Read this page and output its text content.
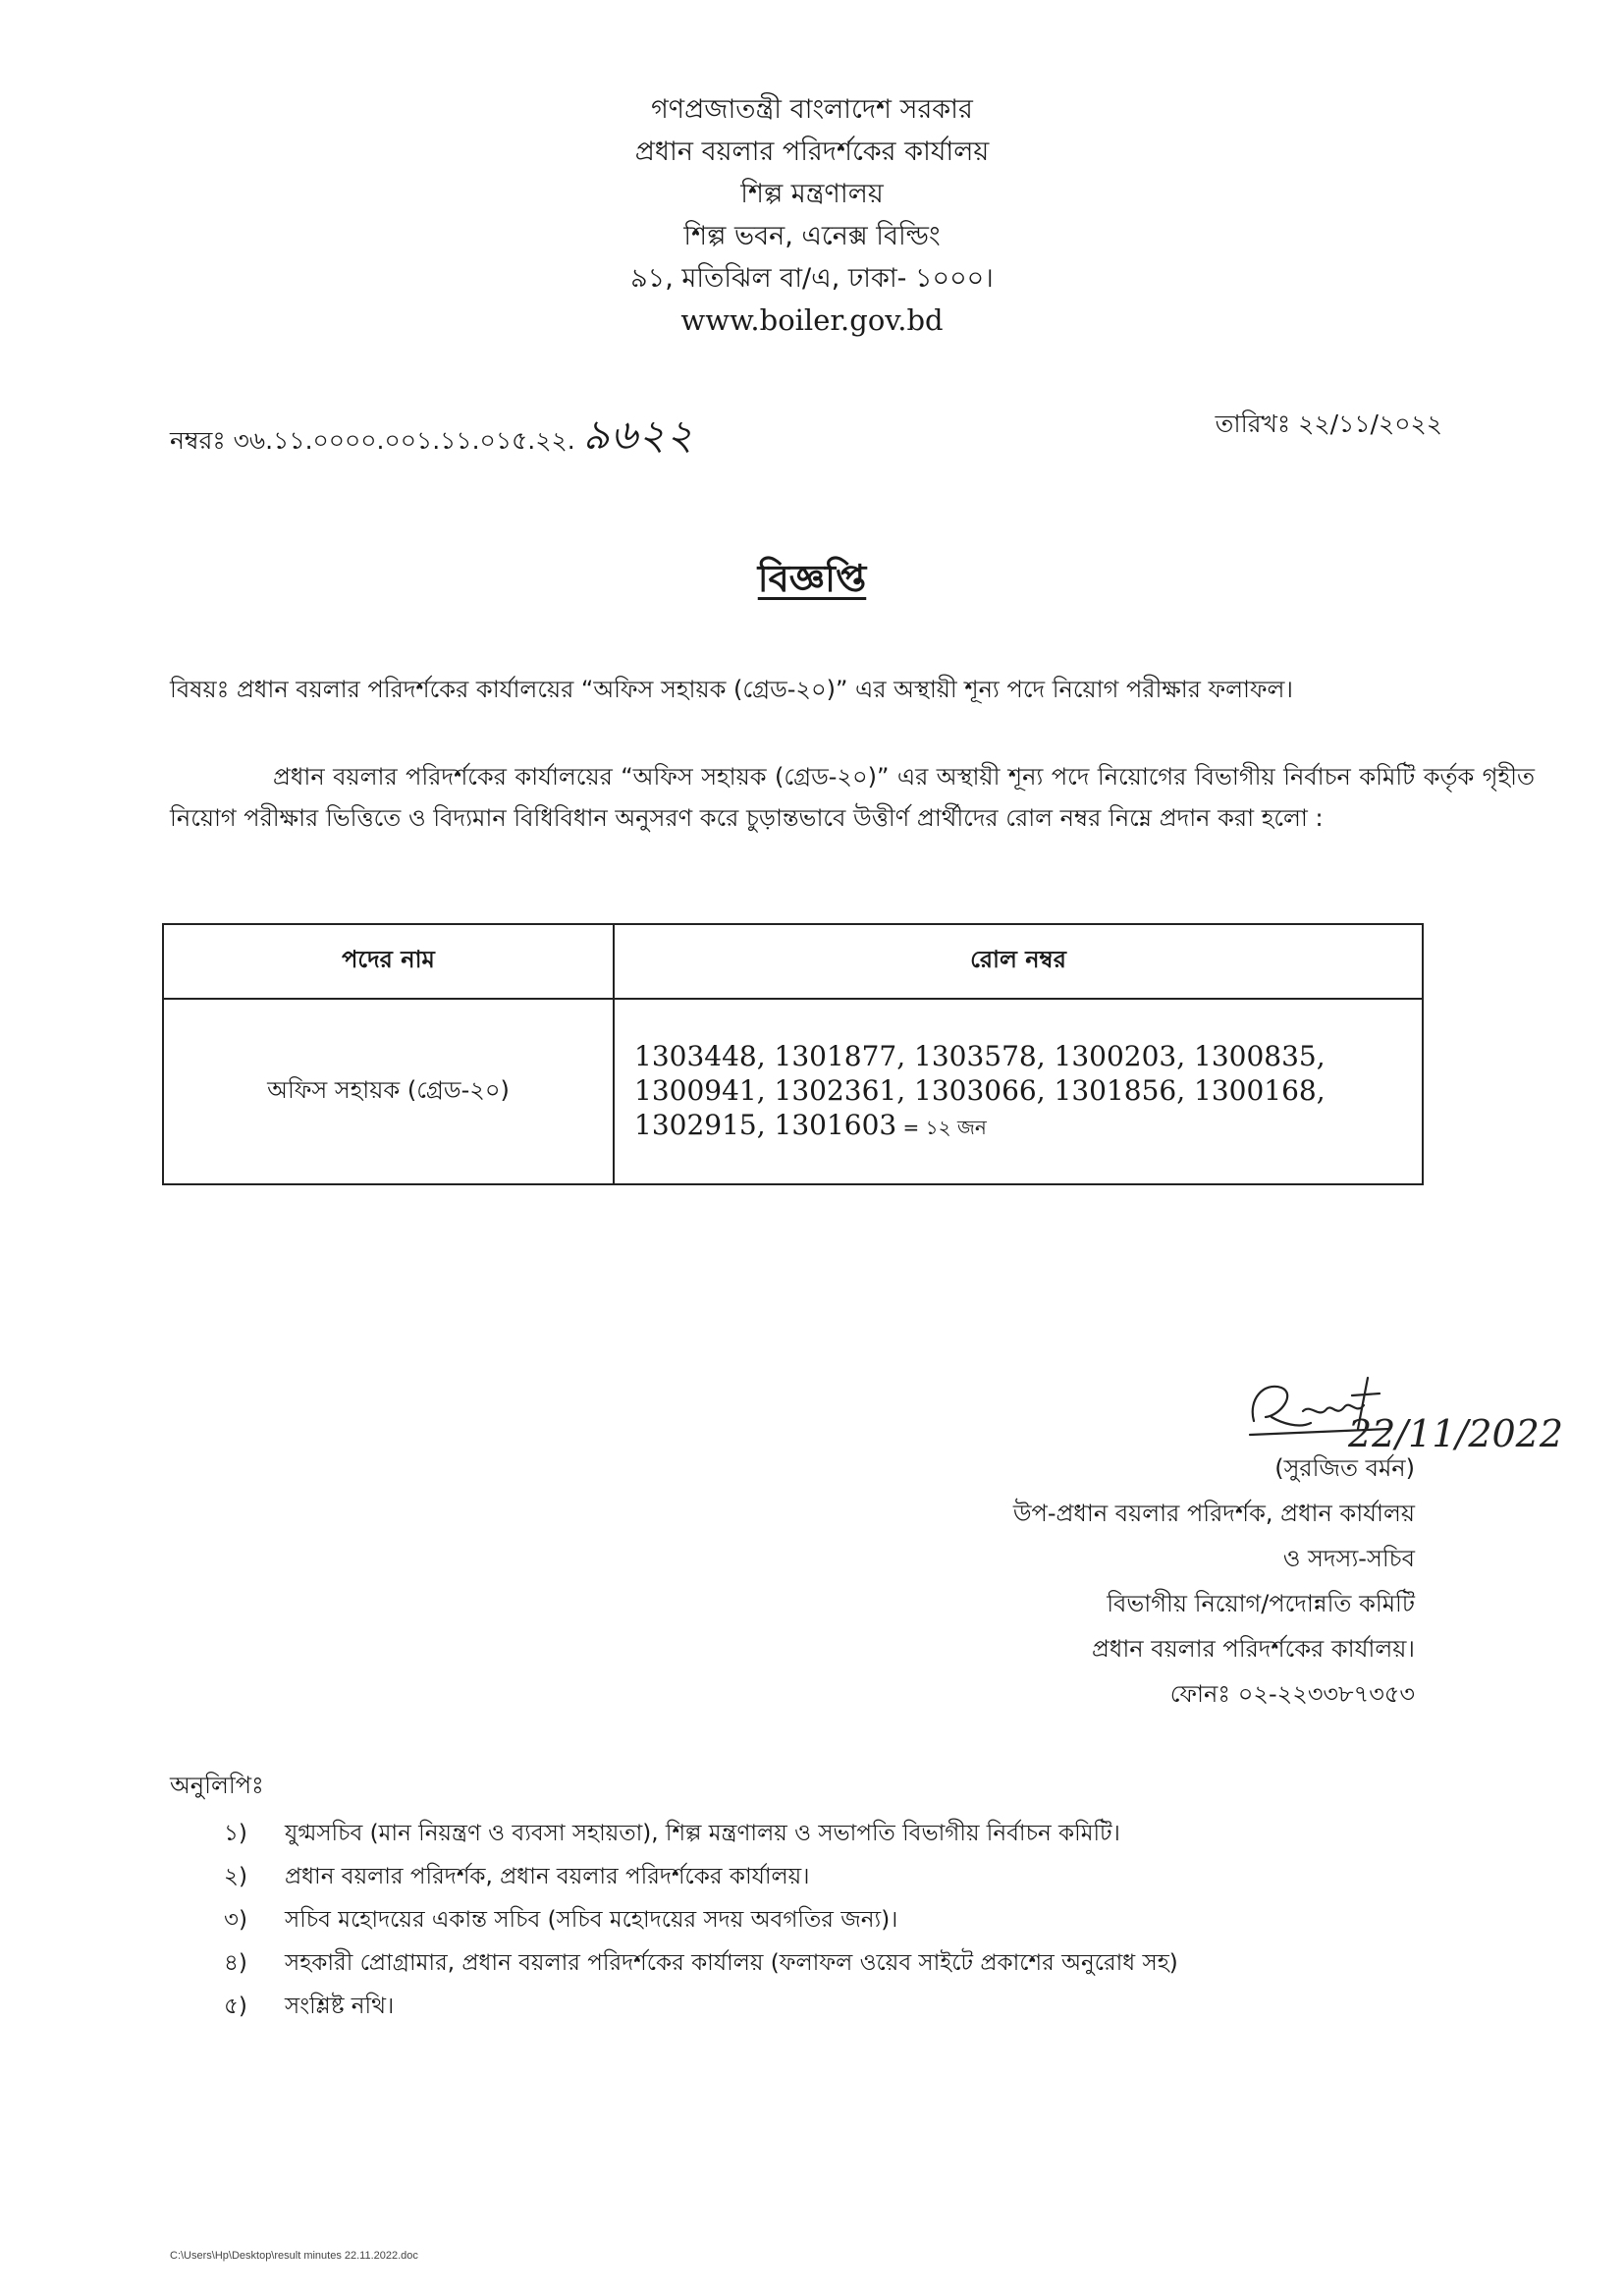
গণপ্রজাতন্ত্রী বাংলাদেশ সরকার
প্রধান বয়লার পরিদর্শকের কার্যালয়
শিল্প মন্ত্রণালয়
শিল্প ভবন, এনেক্স বিল্ডিং
৯১, মতিঝিল বা/এ, ঢাকা- ১০০০।
www.boiler.gov.bd
নম্বরঃ ৩৬.১১.০০০০.০০১.১১.০১৫.২২. ৯৬২২	তারিখঃ ২২/১১/২০২২
বিজ্ঞপ্তি
বিষয়ঃ প্রধান বয়লার পরিদর্শকের কার্যালয়ের “অফিস সহায়ক (গ্রেড-২০)” এর অস্থায়ী শূন্য পদে নিয়োগ পরীক্ষার ফলাফল।
প্রধান বয়লার পরিদর্শকের কার্যালয়ের “অফিস সহায়ক (গ্রেড-২০)” এর অস্থায়ী শূন্য পদে নিয়োগের বিভাগীয় নির্বাচন কমিটি কর্তৃক গৃহীত নিয়োগ পরীক্ষার ভিত্তিতে ও বিদ্যমান বিধিবিধান অনুসরণ করে চুড়ান্তভাবে উত্তীর্ণ প্রার্থীদের রোল নম্বর নিম্নে প্রদান করা হলো :
পদের নাম	রোল নম্বর
অফিস সহায়ক (গ্রেড-২০)	1303448, 1301877, 1303578, 1300203, 1300835,
1300941, 1302361, 1303066, 1301856, 1300168,
1302915, 1301603 = ১২ জন
22/11/2022
(সুরজিত বর্মন)
উপ-প্রধান বয়লার পরিদর্শক, প্রধান কার্যালয়
ও সদস্য-সচিব
বিভাগীয় নিয়োগ/পদোন্নতি কমিটি
প্রধান বয়লার পরিদর্শকের কার্যালয়।
ফোনঃ ০২-২২৩৩৮৭৩৫৩
অনুলিপিঃ
১) যুগ্মসচিব (মান নিয়ন্ত্রণ ও ব্যবসা সহায়তা), শিল্প মন্ত্রণালয় ও সভাপতি বিভাগীয় নির্বাচন কমিটি।
২) প্রধান বয়লার পরিদর্শক, প্রধান বয়লার পরিদর্শকের কার্যালয়।
৩) সচিব মহোদয়ের একান্ত সচিব (সচিব মহোদয়ের সদয় অবগতির জন্য)।
৪) সহকারী প্রোগ্রামার, প্রধান বয়লার পরিদর্শকের কার্যালয় (ফলাফল ওয়েব সাইটে প্রকাশের অনুরোধ সহ)
৫) সংশ্লিষ্ট নথি।
C:\Users\Hp\Desktop\result minutes 22.11.2022.doc
